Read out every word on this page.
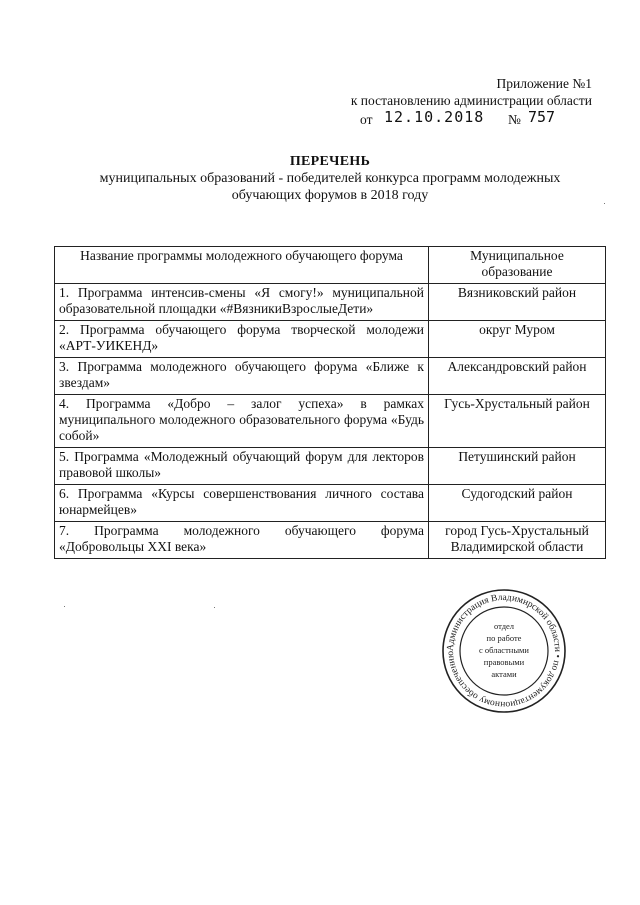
Приложение №1
к постановлению администрации области
от 12.10.2018 № 757
ПЕРЕЧЕНЬ
муниципальных образований - победителей конкурса программ молодежных
обучающих форумов в 2018 году
Название программы молодежного обучающего форума	Муниципальное образование
1. Программа интенсив-смены «Я смогу!» муниципальной образовательной площадки «#ВязникиВзрослыеДети»	Вязниковский район
2. Программа обучающего форума творческой молодежи «АРТ-УИКЕНД»	округ Муром
3. Программа молодежного обучающего форума «Ближе к звездам»	Александровский район
4. Программа «Добро – залог успеха» в рамках муниципального молодежного образовательного форума «Будь собой»	Гусь-Хрустальный район
5. Программа «Молодежный обучающий форум для лекторов правовой школы»	Петушинский район
6. Программа «Курсы совершенствования личного состава юнармейцев»	Судогодский район
7. Программа молодежного обучающего форума «Добровольцы XXI века»	город Гусь-Хрустальный Владимирской области
Администрация Владимирской области • по документационному обеспечению
отдел
по работе
с областными
правовыми
актами
